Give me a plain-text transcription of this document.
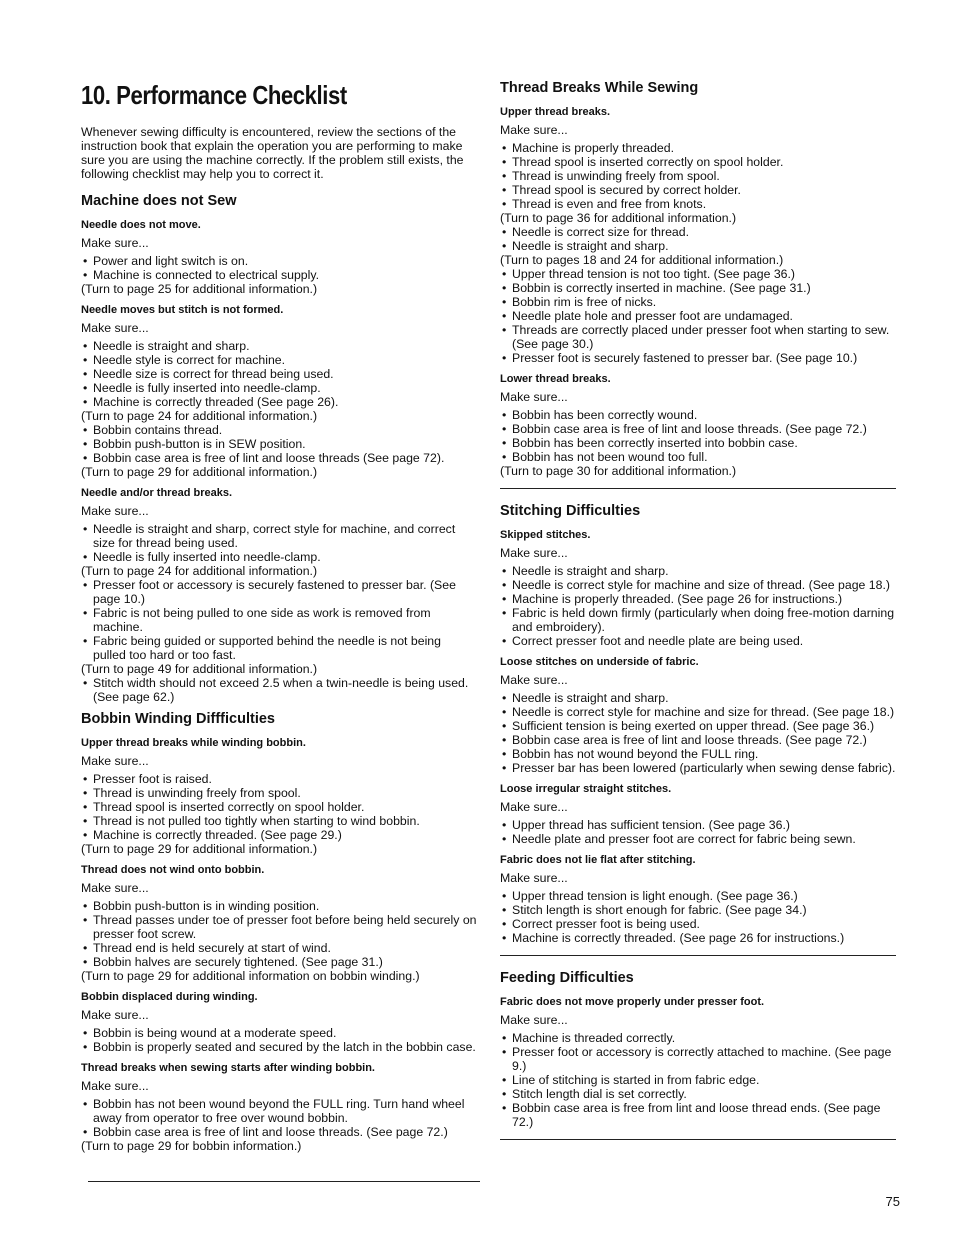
10. Performance Checklist

Whenever sewing difficulty is encountered, review the sections of the instruction book that explain the operation you are performing to make sure you are using the machine correctly. If the problem still exists, the following checklist may help you to correct it.

Machine does not Sew
Needle does not move.
Make sure...
• Power and light switch is on.
• Machine is connected to electrical supply.
(Turn to page 25 for additional information.)
Needle moves but stitch is not formed.
Make sure...
• Needle is straight and sharp.
• Needle style is correct for machine.
• Needle size is correct for thread being used.
• Needle is fully inserted into needle-clamp.
• Machine is correctly threaded (See page 26).
(Turn to page 24 for additional information.)
• Bobbin contains thread.
• Bobbin push-button is in SEW position.
• Bobbin case area is free of lint and loose threads (See page 72).
(Turn to page 29 for additional information.)
Needle and/or thread breaks.
Make sure...
• Needle is straight and sharp, correct style for machine, and correct size for thread being used.
• Needle is fully inserted into needle-clamp.
(Turn to page 24 for additional information.)
• Presser foot or accessory is securely fastened to presser bar. (See page 10.)
• Fabric is not being pulled to one side as work is removed from machine.
• Fabric being guided or supported behind the needle is not being pulled too hard or too fast.
(Turn to page 49 for additional information.)
• Stitch width should not exceed 2.5 when a twin-needle is being used. (See page 62.)
Bobbin Winding Diffficulties
Upper thread breaks while winding bobbin.
Make sure...
• Presser foot is raised.
• Thread is unwinding freely from spool.
• Thread spool is inserted correctly on spool holder.
• Thread is not pulled too tightly when starting to wind bobbin.
• Machine is correctly threaded. (See page 29.)
(Turn to page 29 for additional information.)
Thread does not wind onto bobbin.
Make sure...
• Bobbin push-button is in winding position.
• Thread passes under toe of presser foot before being held securely on presser foot screw.
• Thread end is held securely at start of wind.
• Bobbin halves are securely tightened. (See page 31.)
(Turn to page 29 for additional information on bobbin winding.)
Bobbin displaced during winding.
Make sure...
• Bobbin is being wound at a moderate speed.
• Bobbin is properly seated and secured by the latch in the bobbin case.
Thread breaks when sewing starts after winding bobbin.
Make sure...
• Bobbin has not been wound beyond the FULL ring. Turn hand wheel away from operator to free over wound bobbin.
• Bobbin case area is free of lint and loose threads. (See page 72.)
(Turn to page 29 for bobbin information.)
Thread Breaks While Sewing
Upper thread breaks.
Make sure...
• Machine is properly threaded.
• Thread spool is inserted correctly on spool holder.
• Thread is unwinding freely from spool.
• Thread spool is secured by correct holder.
• Thread is even and free from knots.
(Turn to page 36 for additional information.)
• Needle is correct size for thread.
• Needle is straight and sharp.
(Turn to pages 18 and 24 for additional information.)
• Upper thread tension is not too tight. (See page 36.)
• Bobbin is correctly inserted in machine. (See page 31.)
• Bobbin rim is free of nicks.
• Needle plate hole and presser foot are undamaged.
• Threads are correctly placed under presser foot when starting to sew. (See page 30.)
• Presser foot is securely fastened to presser bar. (See page 10.)
Lower thread breaks.
Make sure...
• Bobbin has been correctly wound.
• Bobbin case area is free of lint and loose threads. (See page 72.)
• Bobbin has been correctly inserted into bobbin case.
• Bobbin has not been wound too full.
(Turn to page 30 for additional information.)
Stitching Difficulties
Skipped stitches.
Make sure...
• Needle is straight and sharp.
• Needle is correct style for machine and size of thread. (See page 18.)
• Machine is properly threaded. (See page 26 for instructions.)
• Fabric is held down firmly (particularly when doing free-motion darning and embroidery).
• Correct presser foot and needle plate are being used.
Loose stitches on underside of fabric.
Make sure...
• Needle is straight and sharp.
• Needle is correct style for machine and size for thread. (See page 18.)
• Sufficient tension is being exerted on upper thread. (See page 36.)
• Bobbin case area is free of lint and loose threads. (See page 72.)
• Bobbin has not wound beyond the FULL ring.
• Presser bar has been lowered (particularly when sewing dense fabric).
Loose irregular straight stitches.
Make sure...
• Upper thread has sufficient tension. (See page 36.)
• Needle plate and presser foot are correct for fabric being sewn.
Fabric does not lie flat after stitching.
Make sure...
• Upper thread tension is light enough. (See page 36.)
• Stitch length is short enough for fabric. (See page 34.)
• Correct presser foot is being used.
• Machine is correctly threaded. (See page 26 for instructions.)
Feeding Difficulties
Fabric does not move properly under presser foot.
Make sure...
• Machine is threaded correctly.
• Presser foot or accessory is correctly attached to machine. (See page 9.)
• Line of stitching is started in from fabric edge.
• Stitch length dial is set correctly.
• Bobbin case area is free from lint and loose thread ends. (See page 72.)
75
